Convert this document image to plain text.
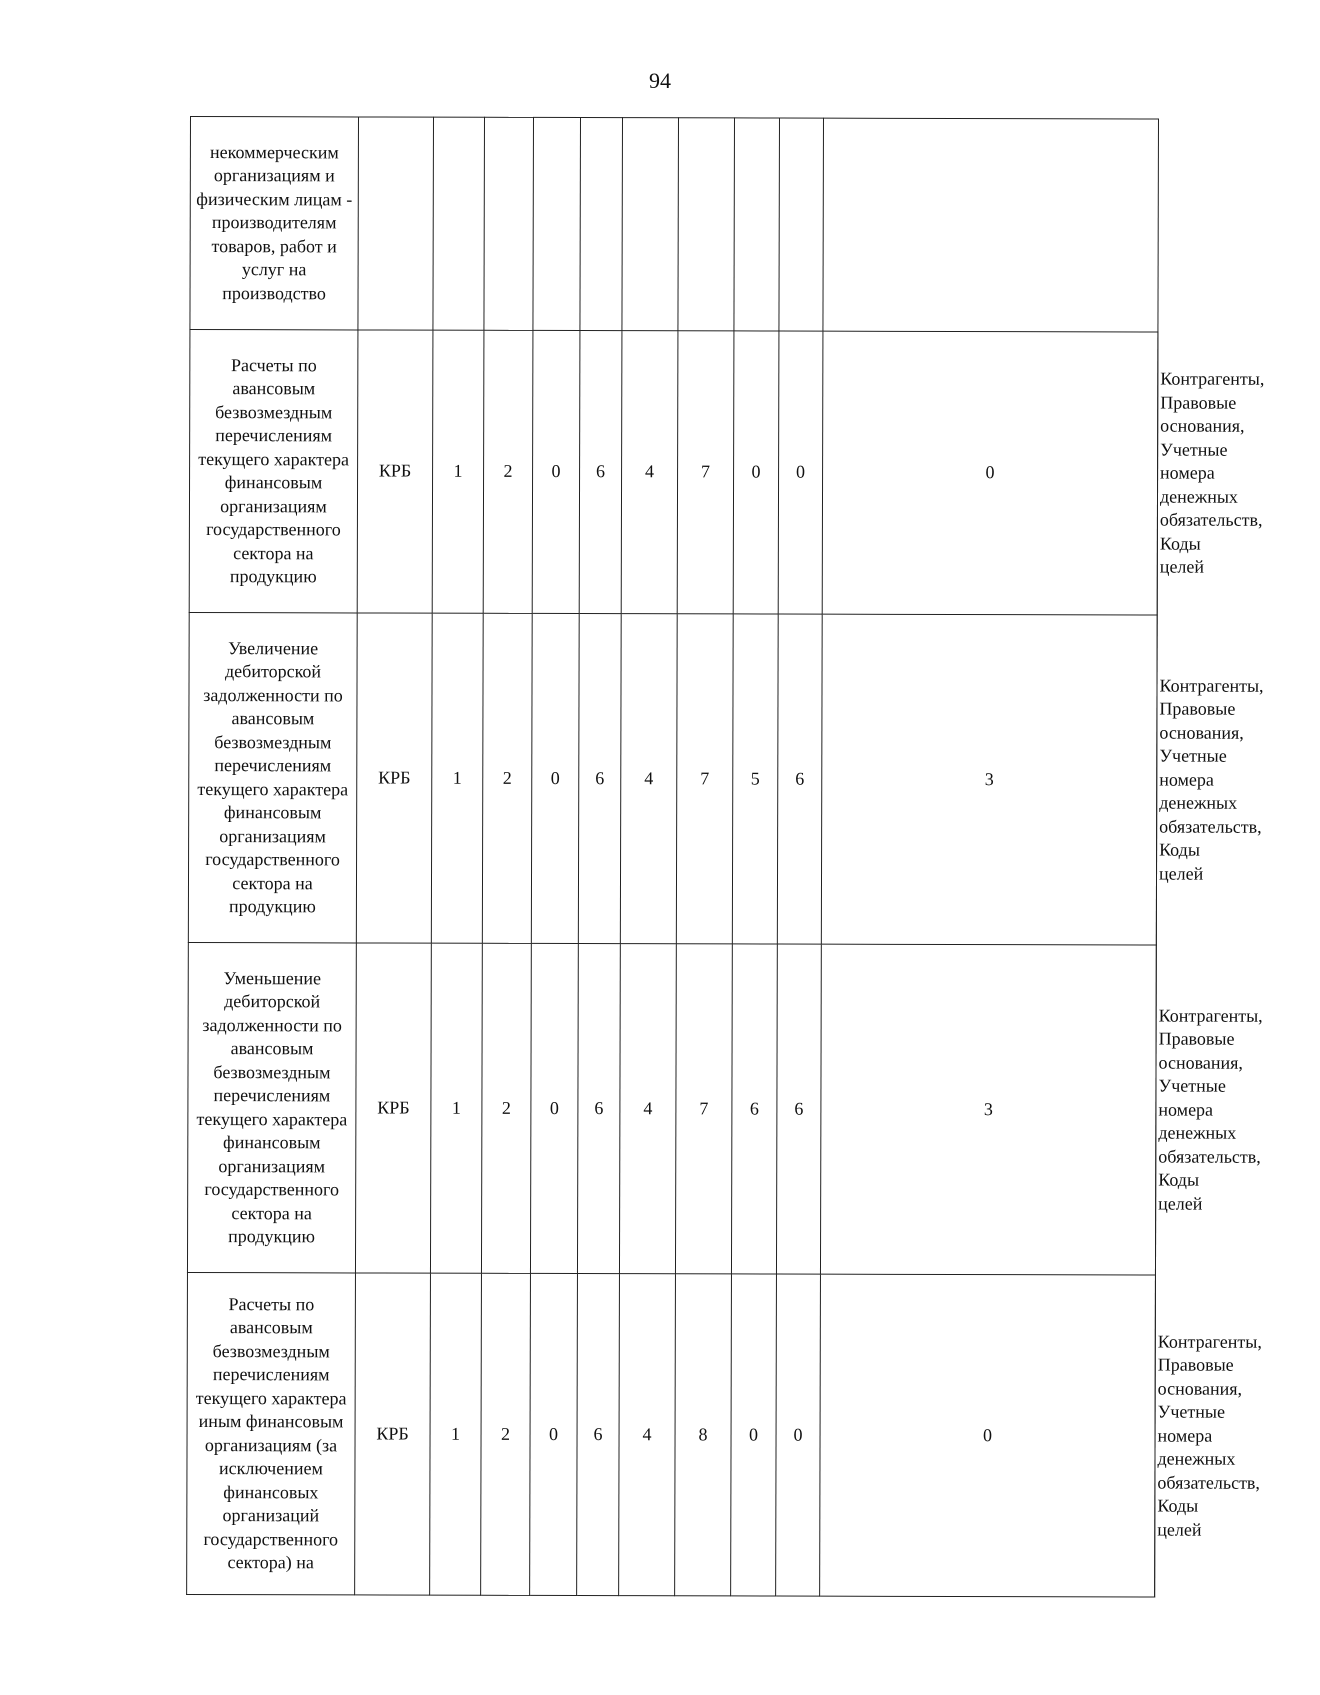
94
некоммерческим организациям и физическим лицам - производителям товаров, работ и услуг на производство											
Расчеты по авансовым безвозмездным перечислениям текущего характера финансовым организациям государственного сектора на продукцию	КРБ	1	2	0	6	4	7	0	0	0	Контрагенты, Правовые основания, Учетные номера денежных обязательств, Коды целей
Увеличение дебиторской задолженности по авансовым безвозмездным перечислениям текущего характера финансовым организациям государственного сектора на продукцию	КРБ	1	2	0	6	4	7	5	6	3	Контрагенты, Правовые основания, Учетные номера денежных обязательств, Коды целей
Уменьшение дебиторской задолженности по авансовым безвозмездным перечислениям текущего характера финансовым организациям государственного сектора на продукцию	КРБ	1	2	0	6	4	7	6	6	3	Контрагенты, Правовые основания, Учетные номера денежных обязательств, Коды целей
Расчеты по авансовым безвозмездным перечислениям текущего характера иным финансовым организациям (за исключением финансовых организаций государственного сектора) на	КРБ	1	2	0	6	4	8	0	0	0	Контрагенты, Правовые основания, Учетные номера денежных обязательств, Коды целей
